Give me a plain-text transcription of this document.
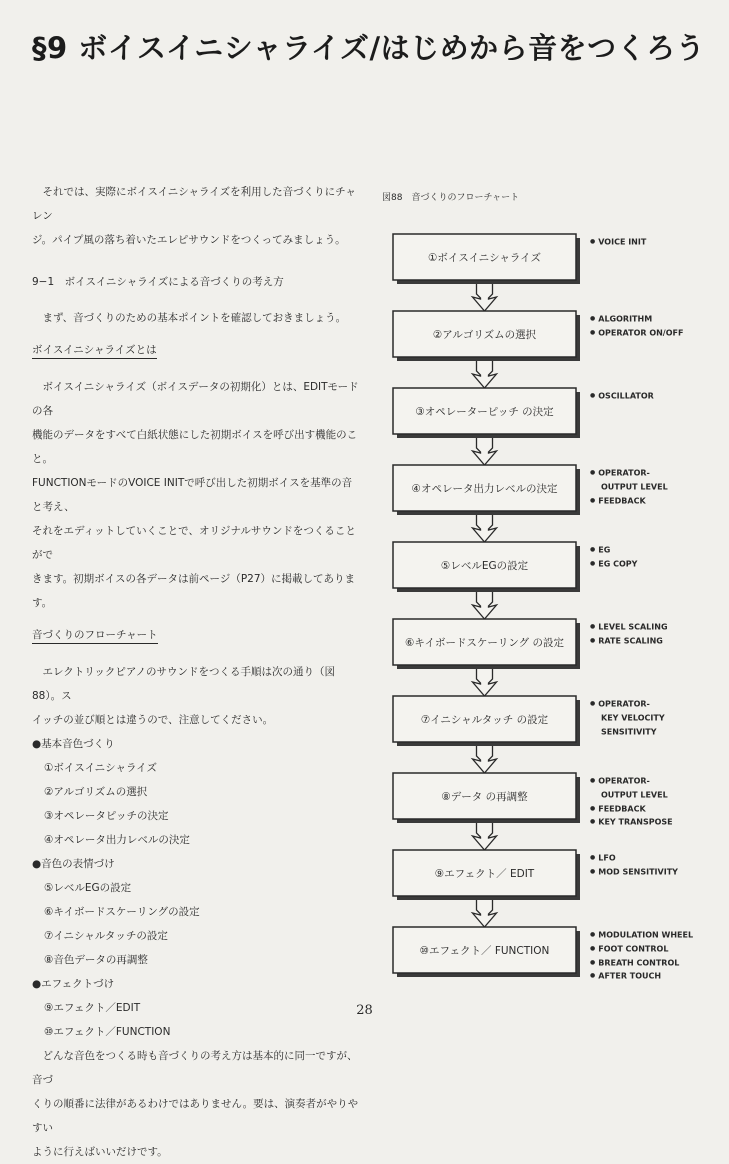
§9 ボイスイニシャライズ/はじめから音をつくろう

それでは、実際にボイスイニシャライズを利用した音づくりにチャレン

ジ。パイプ風の落ち着いたエレピサウンドをつくってみましょう。

9−1　ボイスイニシャライズによる音づくりの考え方

まず、音づくりのための基本ポイントを確認しておきましょう。

ボイスイニシャライズとは

ボイスイニシャライズ（ボイスデータの初期化）とは、EDITモードの各

機能のデータをすべて白紙状態にした初期ボイスを呼び出す機能のこと。

FUNCTIONモードのVOICE INITで呼び出した初期ボイスを基準の音と考え、

それをエディットしていくことで、オリジナルサウンドをつくることがで

きます。初期ボイスの各データは前ページ（P27）に掲載してあります。

音づくりのフローチャート

エレクトリックピアノのサウンドをつくる手順は次の通り（図88）。ス

イッチの並び順とは違うので、注意してください。

●基本音色づくり

①ボイスイニシャライズ

②アルゴリズムの選択

③オペレータピッチの決定

④オペレータ出力レベルの決定

●音色の表情づけ

⑤レベルEGの設定

⑥キイボードスケーリングの設定

⑦イニシャルタッチの設定

⑧音色データの再調整

●エフェクトづけ

⑨エフェクト／EDIT

⑩エフェクト／FUNCTION

どんな音色をつくる時も音づくりの考え方は基本的に同一ですが、音づ

くりの順番に法律があるわけではありません。要は、演奏者がやりやすい

ように行えばいいだけです。

図88　音づくりのフローチャート
①ボイスイニシャライズ
● VOICE INIT
②アルゴリズムの選択
● ALGORITHM
● OPERATOR ON/OFF
③オペレーターピッチ の決定
● OSCILLATOR
④オペレータ出力レベルの決定
● OPERATOR-
OUTPUT LEVEL
● FEEDBACK
⑤レベルEGの設定
● EG
● EG COPY
⑥キイボードスケーリング の設定
● LEVEL SCALING
● RATE SCALING
⑦イニシャルタッチ の設定
● OPERATOR-
KEY VELOCITY
SENSITIVITY
⑧データ の再調整
● OPERATOR-
OUTPUT LEVEL
● FEEDBACK
● KEY TRANSPOSE
⑨エフェクト／ EDIT
● LFO
● MOD SENSITIVITY
⑩エフェクト／ FUNCTION
● MODULATION WHEEL
● FOOT CONTROL
● BREATH CONTROL
● AFTER TOUCH
28
